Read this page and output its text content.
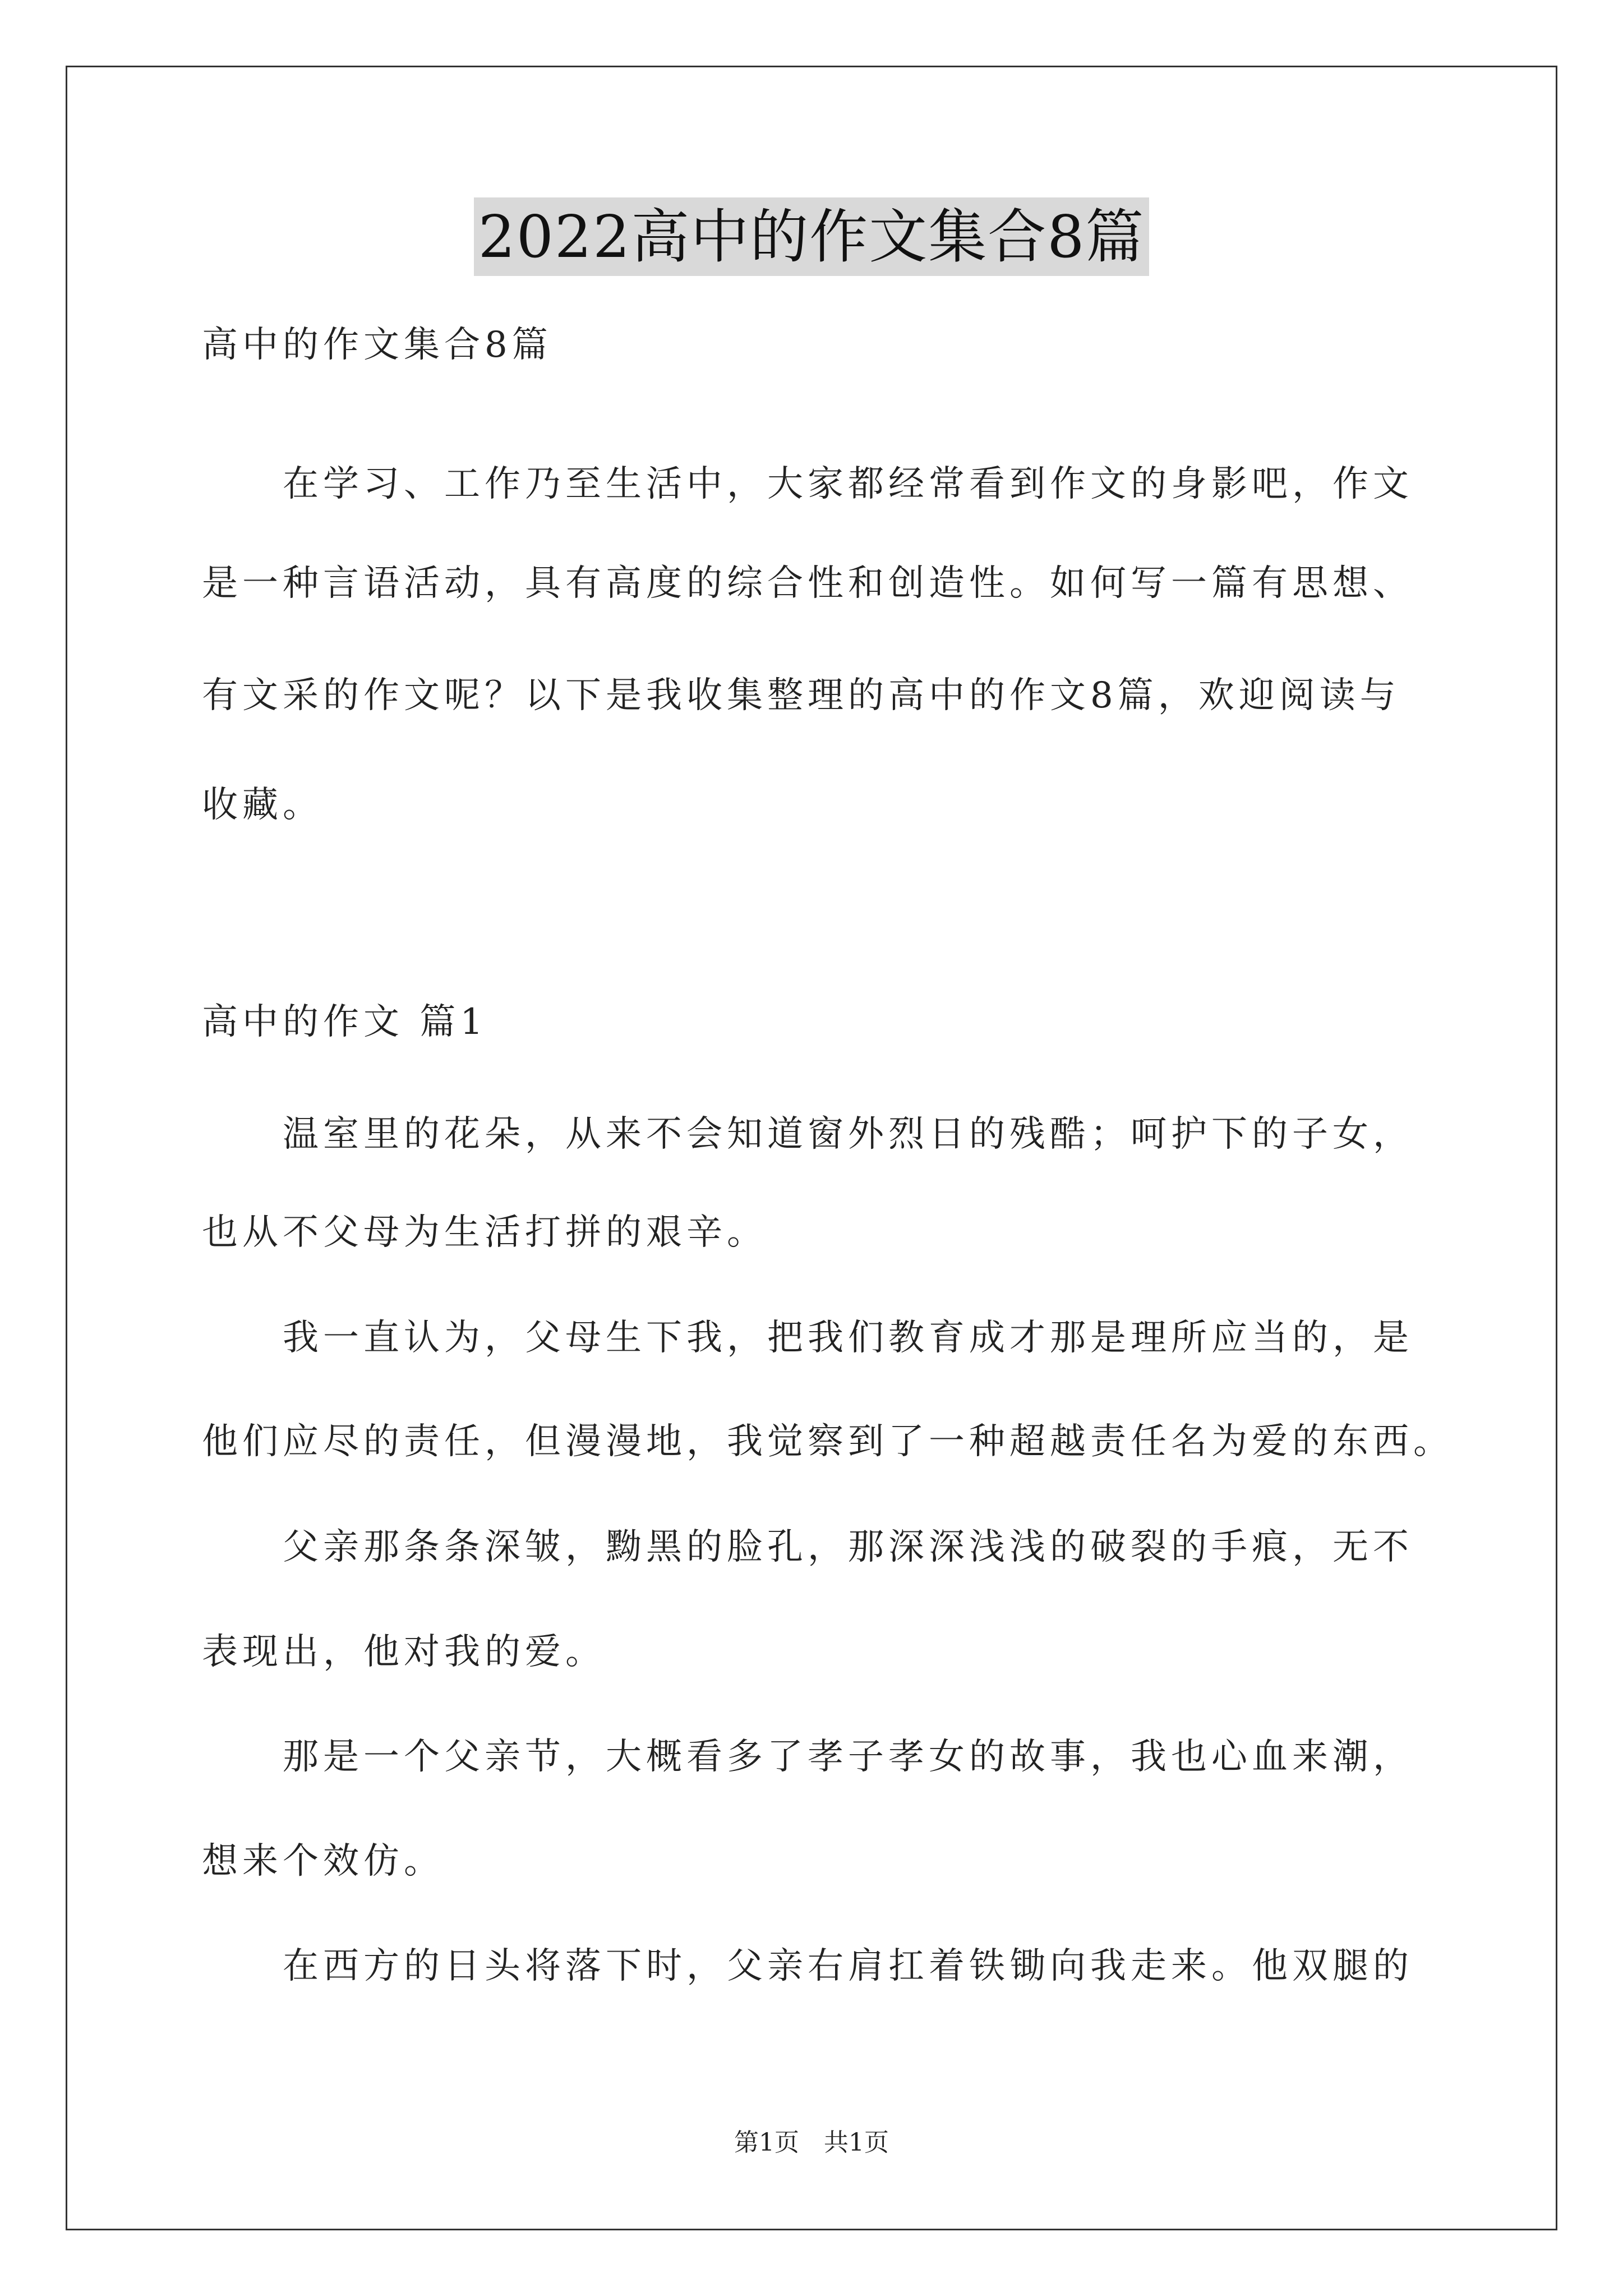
2022高中的作文集合8篇
高中的作文集合8篇
在学习、工作乃至生活中，大家都经常看到作文的身影吧，作文
是一种言语活动，具有高度的综合性和创造性。如何写一篇有思想、
有文采的作文呢？以下是我收集整理的高中的作文8篇，欢迎阅读与
收藏。
高中的作文 篇1
温室里的花朵，从来不会知道窗外烈日的残酷；呵护下的子女，
也从不父母为生活打拼的艰辛。
我一直认为，父母生下我，把我们教育成才那是理所应当的，是
他们应尽的责任，但漫漫地，我觉察到了一种超越责任名为爱的东西。
父亲那条条深皱，黝黑的脸孔，那深深浅浅的破裂的手痕，无不
表现出，他对我的爱。
那是一个父亲节，大概看多了孝子孝女的故事，我也心血来潮，
想来个效仿。
在西方的日头将落下时，父亲右肩扛着铁锄向我走来。他双腿的
第1页　共1页
